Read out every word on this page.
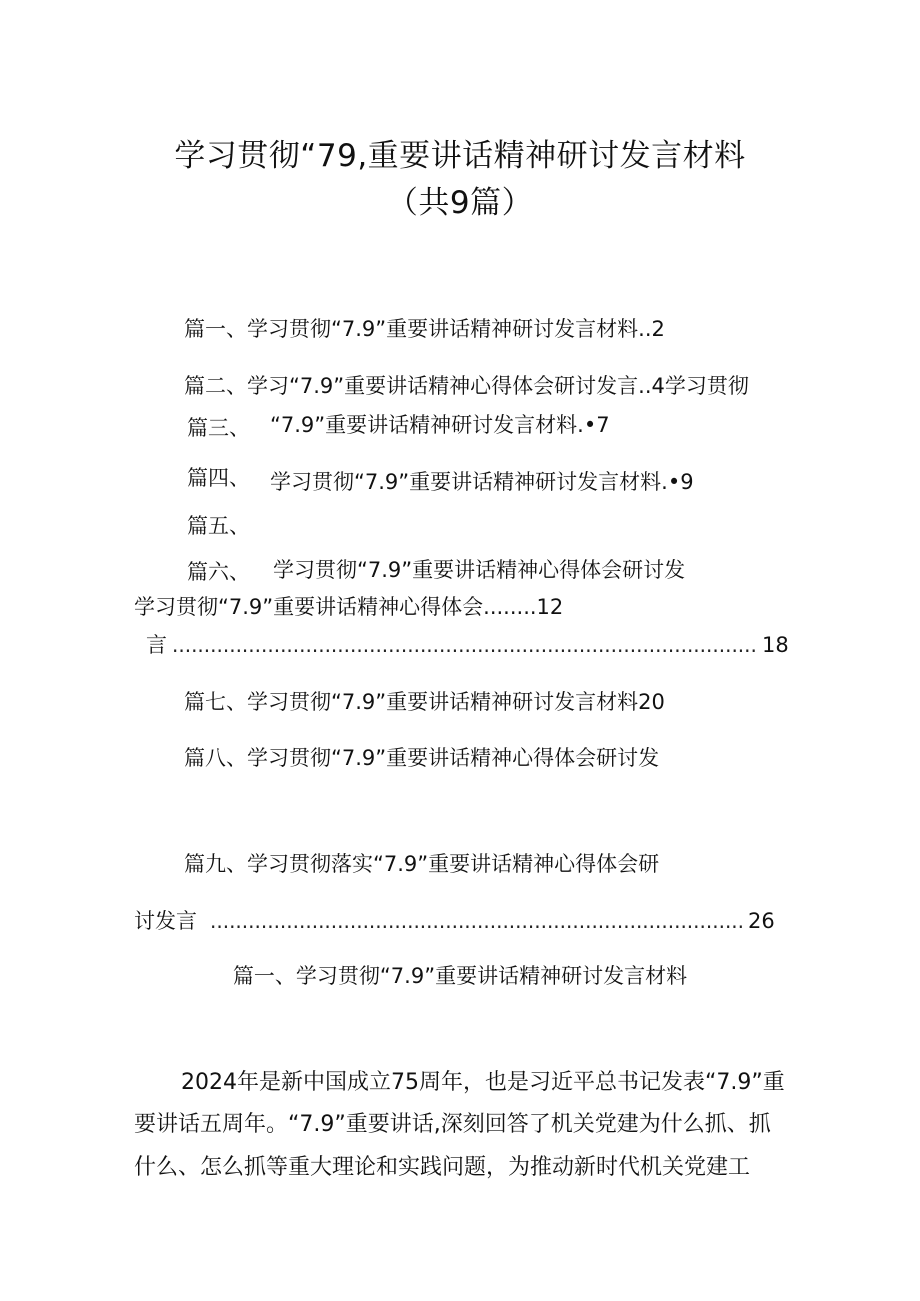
学习贯彻“79,重要讲话精神研讨发言材料
（共9篇）
篇一、学习贯彻“7.9”重要讲话精神研讨发言材料..2
篇二、学习“7.9”重要讲话精神心得体会研讨发言..4学习贯彻
篇三、 “7.9”重要讲话精神研讨发言材料.•7
篇四、 学习贯彻“7.9”重要讲话精神研讨发言材料.•9
篇五、
篇六、 学习贯彻“7.9”重要讲话精神心得体会研讨发
学习贯彻“7.9”重要讲话精神心得体会........12
言 .....	18
篇七、学习贯彻“7.9”重要讲话精神研讨发言材料20
篇八、学习贯彻“7.9”重要讲话精神心得体会研讨发
篇九、学习贯彻落实“7.9”重要讲话精神心得体会研
讨发言 .....	26
篇一、学习贯彻“7.9”重要讲话精神研讨发言材料
2024年是新中国成立75周年，也是习近平总书记发表“7.9”重
要讲话五周年。“7.9”重要讲话,深刻回答了机关党建为什么抓、抓
什么、怎么抓等重大理论和实践问题，为推动新时代机关党建工
